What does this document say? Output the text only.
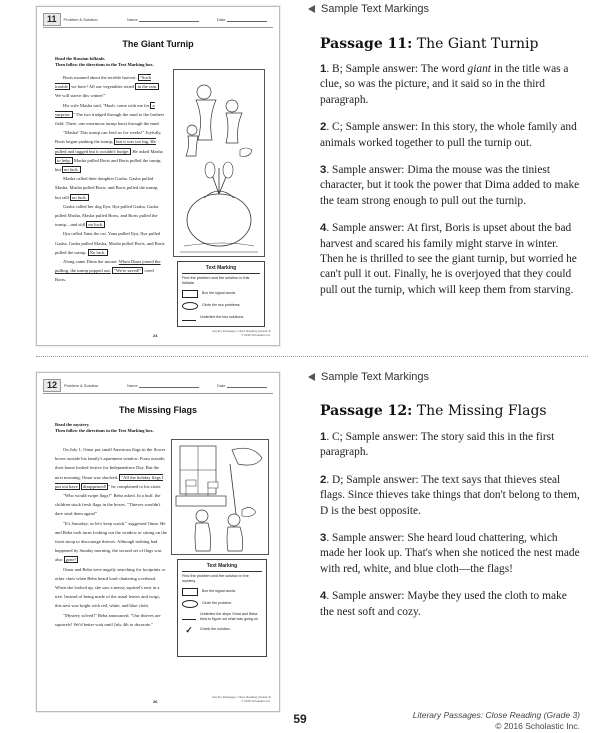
11	Problem & Solution	Name	Date
The Giant Turnip
Read the Russian folktale.
Then follow the directions in the Text Marking box.

Boris moaned about the terrible harvest. "Such trouble we have! All our vegetables rotted in the rain. We will starve this winter!"

His wife Masha said, "Hush, come with me for a surprise. " The two trudged through the mud to the farthest field. There, one enormous turnip burst through the mud.

"Masha! This turnip can feed us for weeks!" Joyfully, Boris began yanking the turnip, but it was too big. He pulled and tugged but it wouldn't budge. He asked Masha to help. Masha pulled Boris and Boris pulled the turnip, but no luck.

Masha called their daughter Gasha. Gasha pulled Masha, Masha pulled Boris, and Boris pulled the turnip, but still no luck.

Gasha called her dog Ilya. Ilya pulled Gasha, Gasha pulled Masha, Masha pulled Boris, and Boris pulled the turnip—and still no luck.

Ilya called Yana the cat. Yana pulled Ilya, Ilya pulled Gasha, Gasha pulled Masha, Masha pulled Boris, and Boris pulled the turnip. No luck.

Along came Dima the mouse. When Dima joined the pulling, the turnip popped out. "We're saved!" cried Boris.

Text Marking
Find the problem and the solution in this folktale.
Box the signal words.
Circle the two problems.
Underline the two solutions.
24
Literary Passages: Close Reading (Grade 3)
© 2016 Scholastic Inc.
Sample Text Markings
Passage 11: The Giant Turnip

1. B; Sample answer: The word giant in the title was a clue, so was the picture, and it said so in the third paragraph.

2. C; Sample answer: In this story, the whole family and animals worked together to pull the turnip out.

3. Sample answer: Dima the mouse was the tiniest character, but it took the power that Dima added to make the team strong enough to pull out the turnip.

4. Sample answer: At first, Boris is upset about the bad harvest and scared his family might starve in winter. Then he is thrilled to see the giant turnip, but worried he can't pull it out. Finally, he is overjoyed that they could pull out the turnip, which will keep them from starving.

12	Problem & Solution	Name	Date
The Missing Flags
Read the mystery.
Then follow the directions in the Text Marking box.

On July 1, Omar put small American flags in the flower boxes outside his family's apartment window. From outside, their home looked festive for Independence Day. But the next morning, Omar was shocked. "All the holiday flags I put out have disappeared! " he complained to his sister.

"Who would swipe flags?" Beba asked. In a huff, the children stuck fresh flags in the boxes. "Thieves wouldn't dare steal them again!"

"It's Saturday, so let's keep watch," suggested Omar. He and Beba took turns looking out the window or sitting on the front stoop to discourage thieves. Although nothing bad happened by Sunday morning, the second set of flags was also gone!

Omar and Beba were angrily searching for footprints or other clues when Beba heard loud chattering overhead. When she looked up, she saw a messy squirrel's nest in a tree. Instead of being made of the usual leaves and twigs, this nest was bright with red, white, and blue cloth.

"Mystery solved!" Beba announced. "Our thieves are squirrels! We'd better wait until July 4th to decorate."

Text Marking
Find the problem and the solution in the mystery.
Box the signal words.
Circle the problem.
Underline the steps Omar and Beba tried to figure out what was going on.
✓	Check the solution.
26
Literary Passages: Close Reading (Grade 3)
© 2016 Scholastic Inc.
Sample Text Markings
Passage 12: The Missing Flags

1. C; Sample answer: The story said this in the first paragraph.

2. D; Sample answer: The text says that thieves steal flags. Since thieves take things that don't belong to them, D is the best opposite.

3. Sample answer: She heard loud chattering, which made her look up. That's when she noticed the nest made with red, white, and blue cloth—the flags!

4. Sample answer: Maybe they used the cloth to make the nest soft and cozy.

59	Literary Passages: Close Reading (Grade 3)
© 2016 Scholastic Inc.
